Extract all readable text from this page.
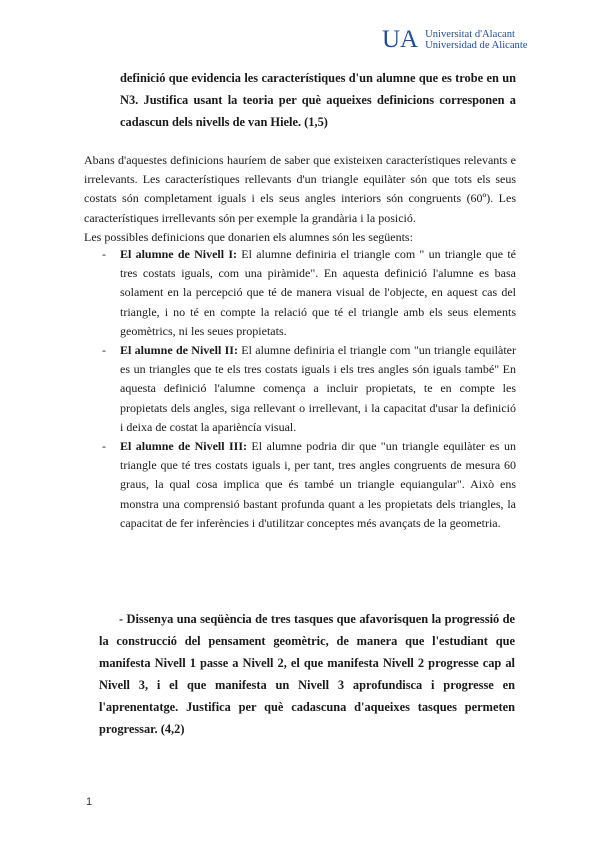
UA Universitat d'Alacant
Universidad de Alicante

definició que evidencia les característiques d'un alumne que es trobe en un N3. Justifica usant la teoria per què aqueixes definicions corresponen a cadascun dels nivells de van Hiele. (1,5)

Abans d'aquestes definicions hauríem de saber que existeixen característiques relevants e irrelevants. Les característiques rellevants d'un triangle equilàter són que tots els seus costats són completament iguals i els seus angles interiors són congruents (60º). Les característiques irrellevants són per exemple la grandària i la posició.

Les possibles definicions que donarien els alumnes són les següents:

- El alumne de Nivell I: El alumne definiria el triangle com " un triangle que té tres costats iguals, com una piràmide". En aquesta definició l'alumne es basa solament en la percepció que té de manera visual de l'objecte, en aquest cas del triangle, i no té en compte la relació que té el triangle amb els seus elements geomètrics, ni les seues propietats.
- El alumne de Nivell II: El alumne definiria el triangle com "un triangle equilàter es un triangles que te els tres costats iguals i els tres angles són iguals també" En aquesta definició l'alumne comença a incluir propietats, te en compte les propietats dels angles, siga rellevant o irrellevant, i la capacitat d'usar la definició i deixa de costat la aparièncía visual.
- El alumne de Nivell III: El alumne podria dir que "un triangle equilàter es un triangle que té tres costats iguals i, per tant, tres angles congruents de mesura 60 graus, la qual cosa implica que és també un triangle equiangular". Això ens monstra una comprensió bastant profunda quant a les propietats dels triangles, la capacitat de fer inferències i d'utilitzar conceptes més avançats de la geometria.

- Dissenya una seqüència de tres tasques que afavorisquen la progressió de la construcció del pensament geomètric, de manera que l'estudiant que manifesta Nivell 1 passe a Nivell 2, el que manifesta Nivell 2 progresse cap al Nivell 3, i el que manifesta un Nivell 3 aprofundisca i progresse en l'aprenentatge. Justifica per què cadascuna d'aqueixes tasques permeten progressar. (4,2)

1
